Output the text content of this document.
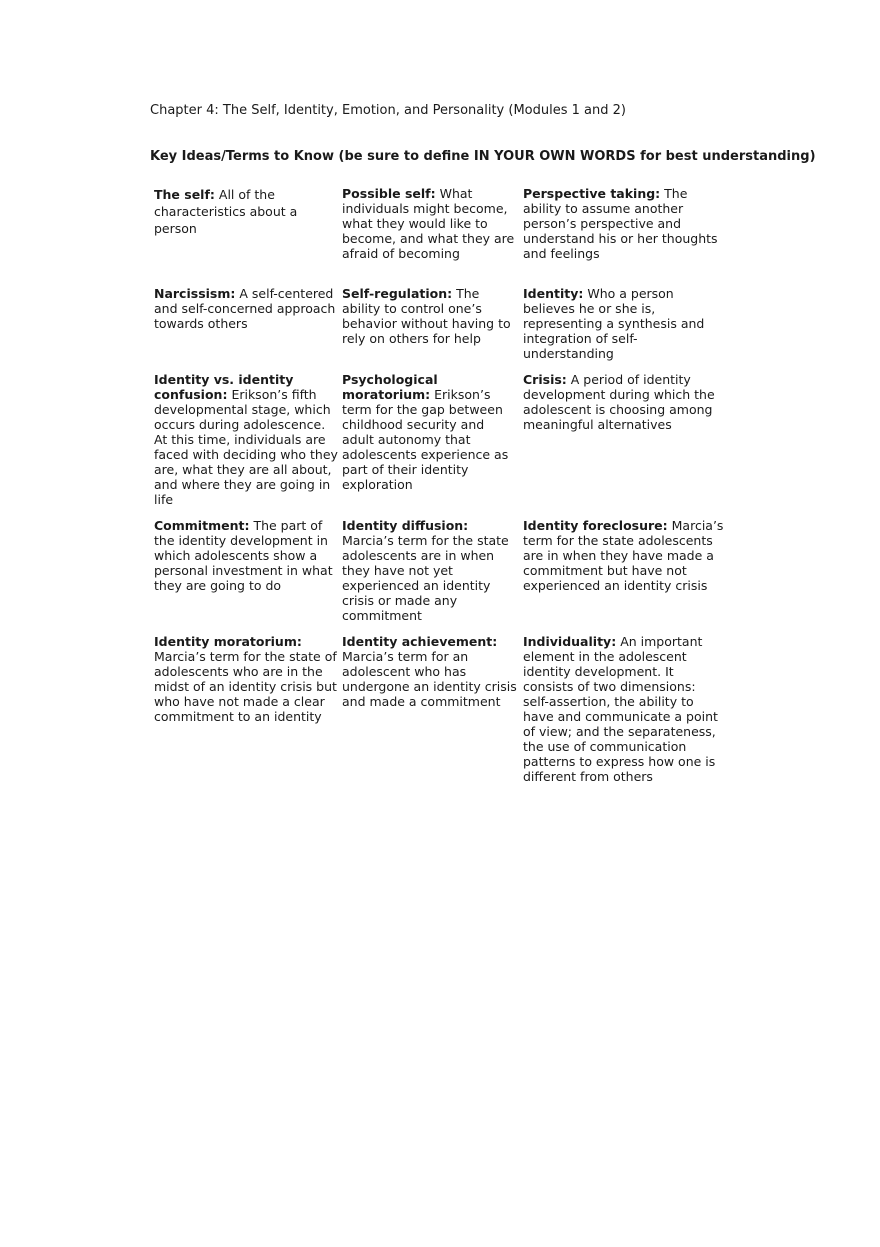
Chapter 4: The Self, Identity, Emotion, and Personality (Modules 1 and 2)
Key Ideas/Terms to Know (be sure to define IN YOUR OWN WORDS for best understanding)
The self: All of the characteristics about a person
Possible self: What individuals might become, what they would like to become, and what they are afraid of becoming
Perspective taking: The ability to assume another person’s perspective and understand his or her thoughts and feelings
Narcissism: A self-centered and self-concerned approach towards others
Self-regulation: The ability to control one’s behavior without having to rely on others for help
Identity: Who a person believes he or she is, representing a synthesis and integration of self-understanding
Identity vs. identity confusion: Erikson’s fifth developmental stage, which occurs during adolescence. At this time, individuals are faced with deciding who they are, what they are all about, and where they are going in life
Psychological moratorium: Erikson’s term for the gap between childhood security and adult autonomy that adolescents experience as part of their identity exploration
Crisis: A period of identity development during which the adolescent is choosing among meaningful alternatives
Commitment: The part of the identity development in which adolescents show a personal investment in what they are going to do
Identity diffusion: Marcia’s term for the state adolescents are in when they have not yet experienced an identity crisis or made any commitment
Identity foreclosure: Marcia’s term for the state adolescents are in when they have made a commitment but have not experienced an identity crisis
Identity moratorium: Marcia’s term for the state of adolescents who are in the midst of an identity crisis but who have not made a clear commitment to an identity
Identity achievement: Marcia’s term for an adolescent who has undergone an identity crisis and made a commitment
Individuality: An important element in the adolescent identity development. It consists of two dimensions: self-assertion, the ability to have and communicate a point of view; and the separateness, the use of communication patterns to express how one is different from others
